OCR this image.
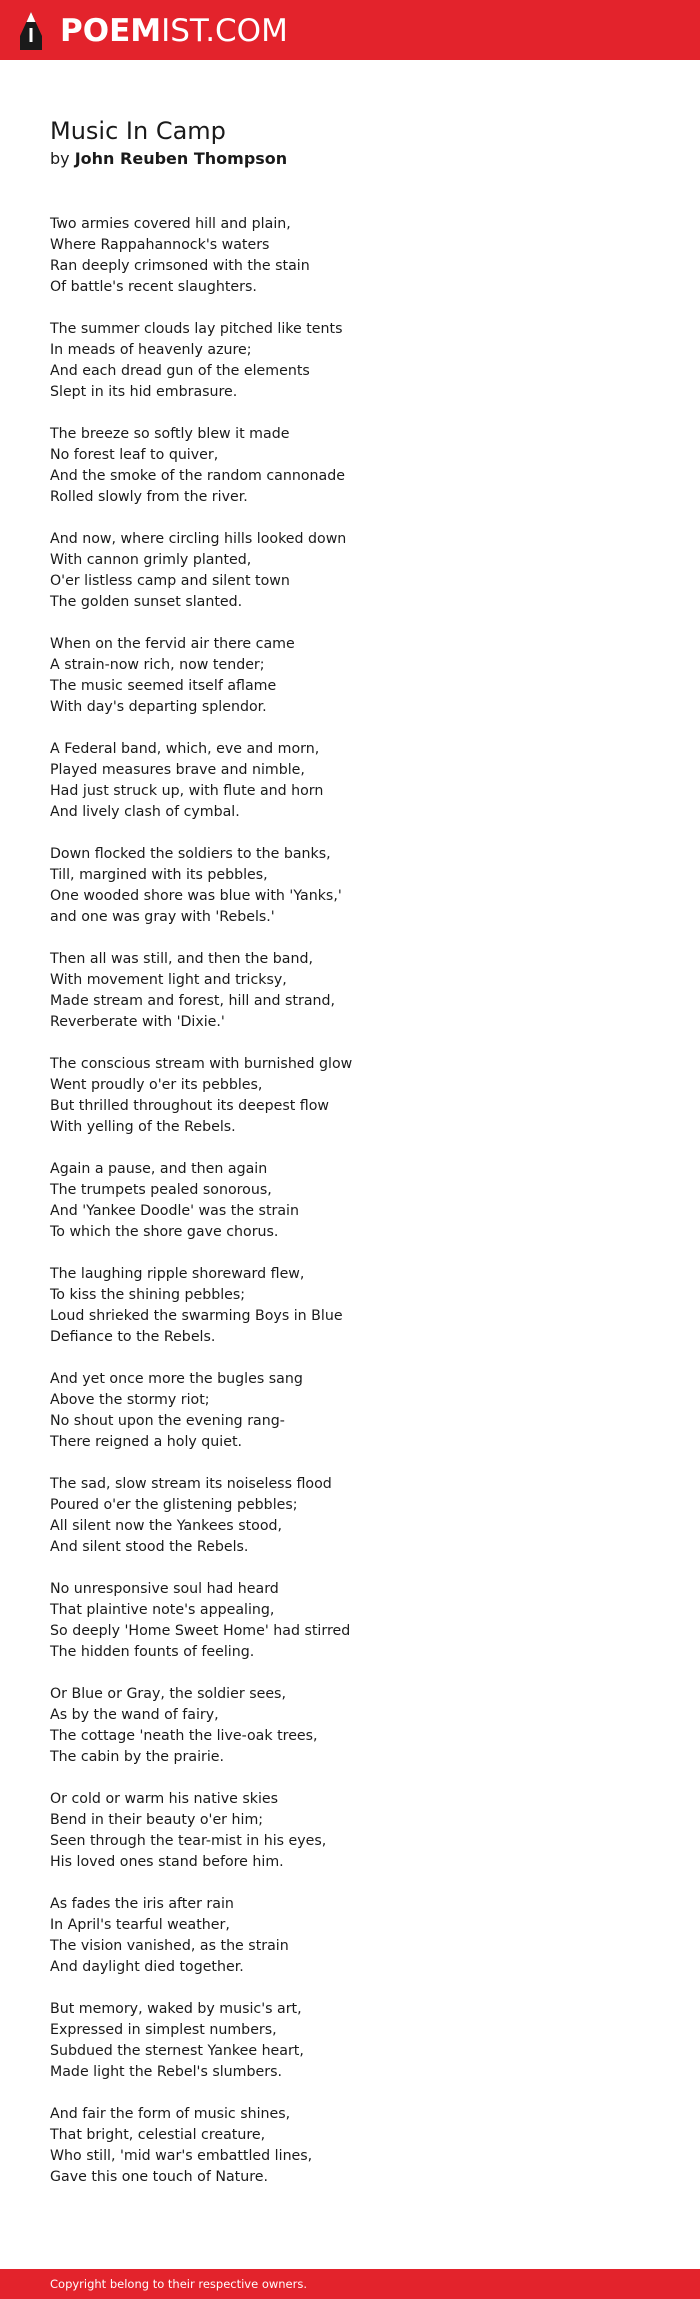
POEMIST.COM
Music In Camp
by John Reuben Thompson

Two armies covered hill and plain,
Where Rappahannock's waters
Ran deeply crimsoned with the stain
Of battle's recent slaughters.

The summer clouds lay pitched like tents
In meads of heavenly azure;
And each dread gun of the elements
Slept in its hid embrasure.

The breeze so softly blew it made
No forest leaf to quiver,
And the smoke of the random cannonade
Rolled slowly from the river.

And now, where circling hills looked down
With cannon grimly planted,
O'er listless camp and silent town
The golden sunset slanted.

When on the fervid air there came
A strain-now rich, now tender;
The music seemed itself aflame
With day's departing splendor.

A Federal band, which, eve and morn,
Played measures brave and nimble,
Had just struck up, with flute and horn
And lively clash of cymbal.

Down flocked the soldiers to the banks,
Till, margined with its pebbles,
One wooded shore was blue with 'Yanks,'
and one was gray with 'Rebels.'

Then all was still, and then the band,
With movement light and tricksy,
Made stream and forest, hill and strand,
Reverberate with 'Dixie.'

The conscious stream with burnished glow
Went proudly o'er its pebbles,
But thrilled throughout its deepest flow
With yelling of the Rebels.

Again a pause, and then again
The trumpets pealed sonorous,
And 'Yankee Doodle' was the strain
To which the shore gave chorus.

The laughing ripple shoreward flew,
To kiss the shining pebbles;
Loud shrieked the swarming Boys in Blue
Defiance to the Rebels.

And yet once more the bugles sang
Above the stormy riot;
No shout upon the evening rang-
There reigned a holy quiet.

The sad, slow stream its noiseless flood
Poured o'er the glistening pebbles;
All silent now the Yankees stood,
And silent stood the Rebels.

No unresponsive soul had heard
That plaintive note's appealing,
So deeply 'Home Sweet Home' had stirred
The hidden founts of feeling.

Or Blue or Gray, the soldier sees,
As by the wand of fairy,
The cottage 'neath the live-oak trees,
The cabin by the prairie.

Or cold or warm his native skies
Bend in their beauty o'er him;
Seen through the tear-mist in his eyes,
His loved ones stand before him.

As fades the iris after rain
In April's tearful weather,
The vision vanished, as the strain
And daylight died together.

But memory, waked by music's art,
Expressed in simplest numbers,
Subdued the sternest Yankee heart,
Made light the Rebel's slumbers.

And fair the form of music shines,
That bright, celestial creature,
Who still, 'mid war's embattled lines,
Gave this one touch of Nature.

Copyright belong to their respective owners.
